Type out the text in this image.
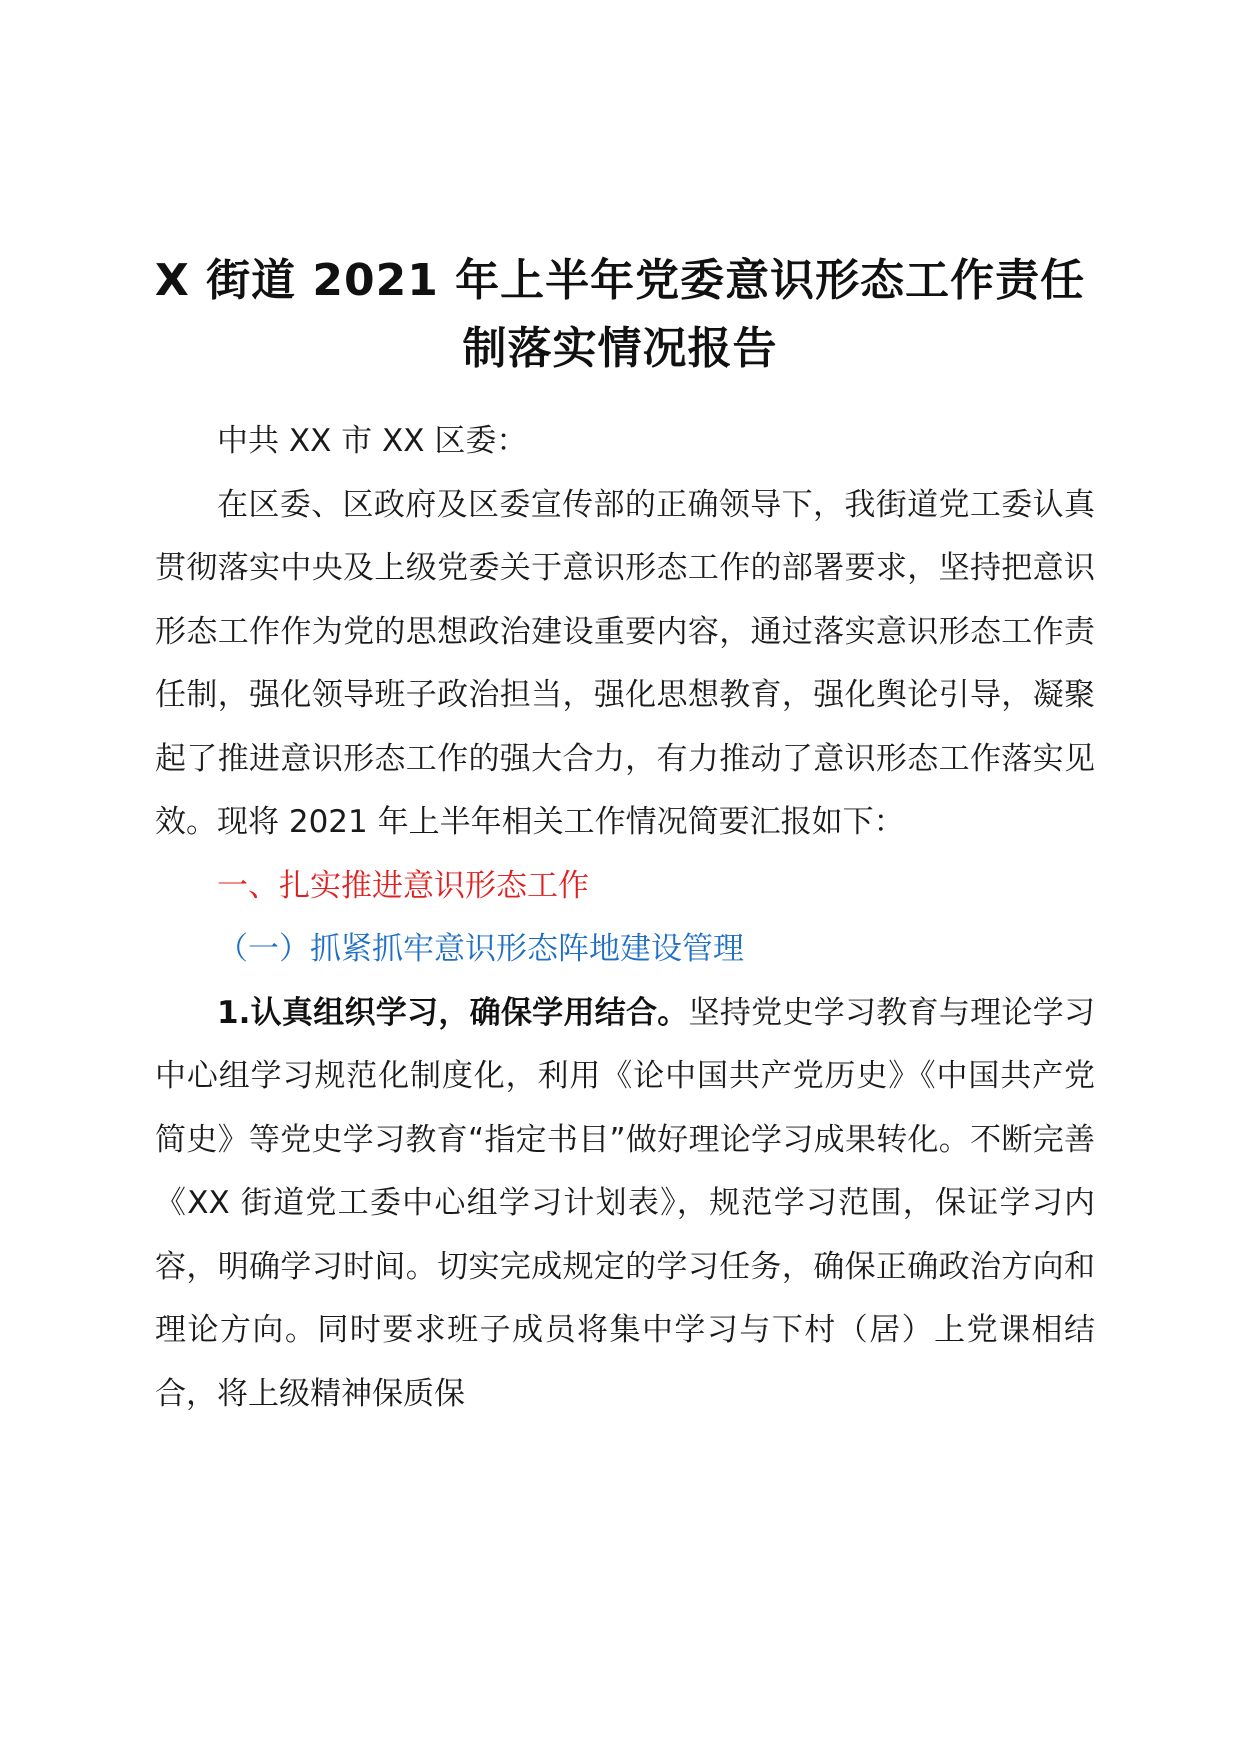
X 街道 2021 年上半年党委意识形态工作责任
制落实情况报告

中共 XX 市 XX 区委：

在区委、区政府及区委宣传部的正确领导下，我街道党工委认真贯彻落实中央及上级党委关于意识形态工作的部署要求，坚持把意识形态工作作为党的思想政治建设重要内容，通过落实意识形态工作责任制，强化领导班子政治担当，强化思想教育，强化舆论引导，凝聚起了推进意识形态工作的强大合力，有力推动了意识形态工作落实见效。现将 2021 年上半年相关工作情况简要汇报如下：

一、扎实推进意识形态工作

（一）抓紧抓牢意识形态阵地建设管理

1.认真组织学习，确保学用结合。坚持党史学习教育与理论学习中心组学习规范化制度化，利用《论中国共产党历史》《中国共产党简史》等党史学习教育“指定书目”做好理论学习成果转化。不断完善《XX 街道党工委中心组学习计划表》，规范学习范围，保证学习内容，明确学习时间。切实完成规定的学习任务，确保正确政治方向和理论方向。同时要求班子成员将集中学习与下村（居）上党课相结合，将上级精神保质保
